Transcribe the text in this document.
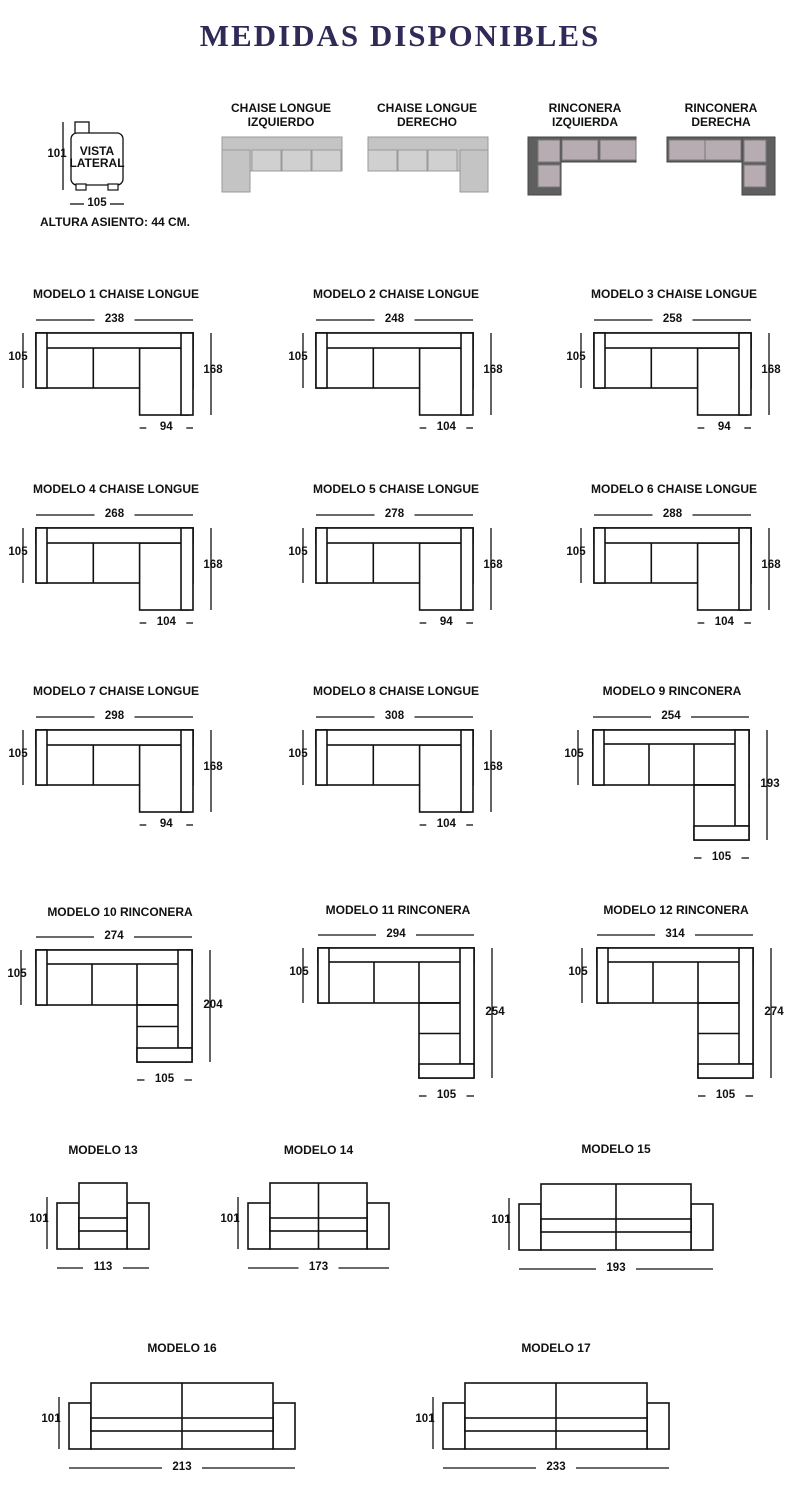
MEDIDAS DISPONIBLES
VISTA
LATERAL
101
105
ALTURA ASIENTO: 44 CM.
CHAISE LONGUE
IZQUIERDO
CHAISE LONGUE
DERECHO
RINCONERA
IZQUIERDA
RINCONERA
DERECHA
MODELO 1 CHAISE LONGUE
238
105
168
94
MODELO 2 CHAISE LONGUE
248
105
168
104
MODELO 3 CHAISE LONGUE
258
105
168
94
MODELO 4 CHAISE LONGUE
268
105
168
104
MODELO 5 CHAISE LONGUE
278
105
168
94
MODELO 6 CHAISE LONGUE
288
105
168
104
MODELO 7 CHAISE LONGUE
298
105
168
94
MODELO 8 CHAISE LONGUE
308
105
168
104
MODELO 9 RINCONERA
254
105
193
105
MODELO 10 RINCONERA
274
105
204
105
MODELO 11 RINCONERA
294
105
254
105
MODELO 12 RINCONERA
314
105
274
105
MODELO 13
101
113
MODELO 14
101
173
MODELO 15
101
193
MODELO 16
101
213
MODELO 17
101
233
